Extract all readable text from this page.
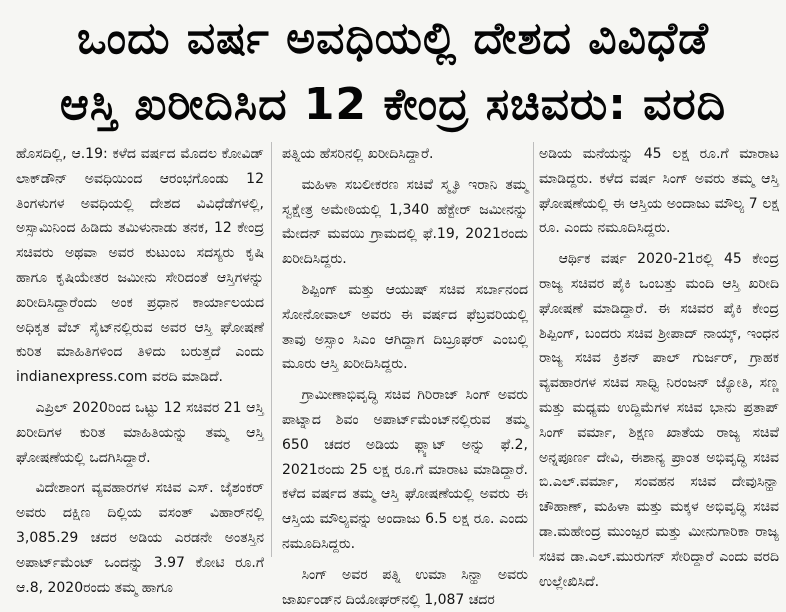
ಒಂದು ವರ್ಷ ಅವಧಿಯಲ್ಲಿ ದೇಶದ ವಿವಿಧೆಡೆ
ಆಸ್ತಿ ಖರೀದಿಸಿದ 12 ಕೇಂದ್ರ ಸಚಿವರು: ವರದಿ

ಹೊಸದಿಲ್ಲಿ, ಆ.19: ಕಳೆದ ವರ್ಷದ ಮೊದಲ ಕೋವಿಡ್ ಲಾಕ್‌ಡೌನ್ ಅವಧಿಯಿಂದ ಆರಂಭಗೊಂಡು 12 ತಿಂಗಳುಗಳ ಅವಧಿಯಲ್ಲಿ ದೇಶದ ವಿವಿಧೆಡೆಗಳಲ್ಲಿ, ಅಸ್ಸಾಮಿನಿಂದ ಹಿಡಿದು ತಮಿಳುನಾಡು ತನಕ, 12 ಕೇಂದ್ರ ಸಚಿವರು ಅಥವಾ ಅವರ ಕುಟುಂಬ ಸದಸ್ಯರು ಕೃಷಿ ಹಾಗೂ ಕೃಷಿಯೇತರ ಜಮೀನು ಸೇರಿದಂತೆ ಆಸ್ತಿಗಳನ್ನು ಖರೀದಿಸಿದ್ದಾರೆಂದು ಅಂಕ ಪ್ರಧಾನ ಕಾರ್ಯಾಲಯದ ಅಧಿಕೃತ ವೆಬ್ ಸೈಟ್‌ನಲ್ಲಿರುವ ಅವರ ಆಸ್ತಿ ಘೋಷಣೆ ಕುರಿತ ಮಾಹಿತಿಗಳಿಂದ ತಿಳಿದು ಬರುತ್ತದೆ ಎಂದು indianexpress.com ವರದಿ ಮಾಡಿದೆ.

ಎಪ್ರಿಲ್ 2020ರಿಂದ ಒಟ್ಟು 12 ಸಚಿವರ 21 ಆಸ್ತಿ ಖರೀದಿಗಳ ಕುರಿತ ಮಾಹಿತಿಯನ್ನು ತಮ್ಮ ಆಸ್ತಿ ಘೋಷಣೆಯಲ್ಲಿ ಒದಗಿಸಿದ್ದಾರೆ.

ವಿದೇಶಾಂಗ ವ್ಯವಹಾರಗಳ ಸಚಿವ ಎಸ್. ಜೈಶಂಕರ್ ಅವರು ದಕ್ಷಿಣ ದಿಲ್ಲಿಯ ವಸಂತ್ ವಿಹಾರ್‌ನಲ್ಲಿ 3,085.29 ಚದರ ಅಡಿಯ ಎರಡನೇ ಅಂತಸ್ತಿನ ಅಪಾರ್ಟ್‌ಮೆಂಟ್ ಒಂದನ್ನು 3.97 ಕೋಟಿ ರೂ.ಗೆ ಆ.8, 2020ರಂದು ತಮ್ಮ ಹಾಗೂ

ಪತ್ನಿಯ ಹೆಸರಿನಲ್ಲಿ ಖರೀದಿಸಿದ್ದಾರೆ.

ಮಹಿಳಾ ಸಬಲೀಕರಣ ಸಚಿವೆ ಸ್ಮೃತಿ ಇರಾನಿ ತಮ್ಮ ಸ್ವಕ್ಷೇತ್ರ ಅಮೇಠಿಯಲ್ಲಿ 1,340 ಹೆಕ್ಟೇರ್ ಜಮೀನನ್ನು ಮೇದನ್ ಮವಯಿ ಗ್ರಾಮದಲ್ಲಿ ಫೆ.19, 2021ರಂದು ಖರೀದಿಸಿದ್ದರು.

ಶಿಪ್ಪಿಂಗ್ ಮತ್ತು ಆಯುಷ್ ಸಚಿವ ಸರ್ಬಾನಂದ ಸೋನೋವಾಲ್ ಅವರು ಈ ವರ್ಷದ ಫೆಬ್ರವರಿಯಲ್ಲಿ ತಾವು ಅಸ್ಸಾಂ ಸಿಎಂ ಆಗಿದ್ದಾಗ ದಿಬ್ರೂಘರ್ ಎಂಬಲ್ಲಿ ಮೂರು ಆಸ್ತಿ ಖರೀದಿಸಿದ್ದರು.

ಗ್ರಾಮೀಣಾಭಿವೃದ್ಧಿ ಸಚಿವ ಗಿರಿರಾಜ್ ಸಿಂಗ್ ಅವರು ಪಾಟ್ನಾದ ಶಿವಂ ಅಪಾರ್ಟ್‌ಮೆಂಟ್‌ನಲ್ಲಿರುವ ತಮ್ಮ 650 ಚದರ ಅಡಿಯ ಫ್ಲ್ಯಾಟ್ ಅನ್ನು ಫೆ.2, 2021ರಂದು 25 ಲಕ್ಷ ರೂ.ಗೆ ಮಾರಾಟ ಮಾಡಿದ್ದಾರೆ. ಕಳೆದ ವರ್ಷದ ತಮ್ಮ ಆಸ್ತಿ ಘೋಷಣೆಯಲ್ಲಿ ಅವರು ಈ ಆಸ್ತಿಯ ಮೌಲ್ಯವನ್ನು ಅಂದಾಜು 6.5 ಲಕ್ಷ ರೂ. ಎಂದು ನಮೂದಿಸಿದ್ದರು.

ಸಿಂಗ್ ಅವರ ಪತ್ನಿ ಉಮಾ ಸಿನ್ಹಾ ಅವರು ಜಾರ್ಖಂಡ್‌ನ ದಿಯೋಘರ್‌ನಲ್ಲಿ 1,087 ಚದರ

ಅಡಿಯ ಮನೆಯನ್ನು 45 ಲಕ್ಷ ರೂ.ಗೆ ಮಾರಾಟ ಮಾಡಿದ್ದರು. ಕಳೆದ ವರ್ಷ ಸಿಂಗ್ ಅವರು ತಮ್ಮ ಆಸ್ತಿ ಘೋಷಣೆಯಲ್ಲಿ ಈ ಆಸ್ತಿಯ ಅಂದಾಜು ಮೌಲ್ಯ 7 ಲಕ್ಷ ರೂ. ಎಂದು ನಮೂದಿಸಿದ್ದರು.

ಆರ್ಥಿಕ ವರ್ಷ 2020-21ರಲ್ಲಿ 45 ಕೇಂದ್ರ ರಾಜ್ಯ ಸಚಿವರ ಪೈಕಿ ಒಂಬತ್ತು ಮಂದಿ ಆಸ್ತಿ ಖರೀದಿ ಘೋಷಣೆ ಮಾಡಿದ್ದಾರೆ. ಈ ಸಚಿವರ ಪೈಕಿ ಕೇಂದ್ರ ಶಿಪ್ಪಿಂಗ್, ಬಂದರು ಸಚಿವ ಶ್ರೀಪಾದ್ ನಾಯ್ಕ್, ಇಂಧನ ರಾಜ್ಯ ಸಚಿವ ಕ್ರಿಶನ್ ಪಾಲ್ ಗುರ್ಜರ್, ಗ್ರಾಹಕ ವ್ಯವಹಾರಗಳ ಸಚಿವ ಸಾಧ್ವಿ ನಿರಂಜನ್ ಜ್ಯೋತಿ, ಸಣ್ಣ ಮತ್ತು ಮಧ್ಯಮ ಉದ್ದಿಮೆಗಳ ಸಚಿವ ಭಾನು ಪ್ರತಾಪ್ ಸಿಂಗ್ ವರ್ಮಾ, ಶಿಕ್ಷಣ ಖಾತೆಯ ರಾಜ್ಯ ಸಚಿವೆ ಅನ್ನಪೂರ್ಣ ದೇವಿ, ಈಶಾನ್ಯ ಪ್ರಾಂತ ಅಭಿವೃದ್ಧಿ ಸಚಿವ ಬಿ.ಎಲ್.ವರ್ಮಾ, ಸಂವಹನ ಸಚಿವ ದೇವುಸಿನ್ಹಾ ಚೌಹಾಣ್, ಮಹಿಳಾ ಮತ್ತು ಮಕ್ಕಳ ಅಭಿವೃದ್ಧಿ ಸಚಿವ ಡಾ.ಮಹೇಂದ್ರ ಮುಂಜ್ಪರ ಮತ್ತು ಮೀನುಗಾರಿಕಾ ರಾಜ್ಯ ಸಚಿವ ಡಾ.ಎಲ್.ಮುರುಗನ್ ಸೇರಿದ್ದಾರೆ ಎಂದು ವರದಿ ಉಲ್ಲೇಖಿಸಿದೆ.
